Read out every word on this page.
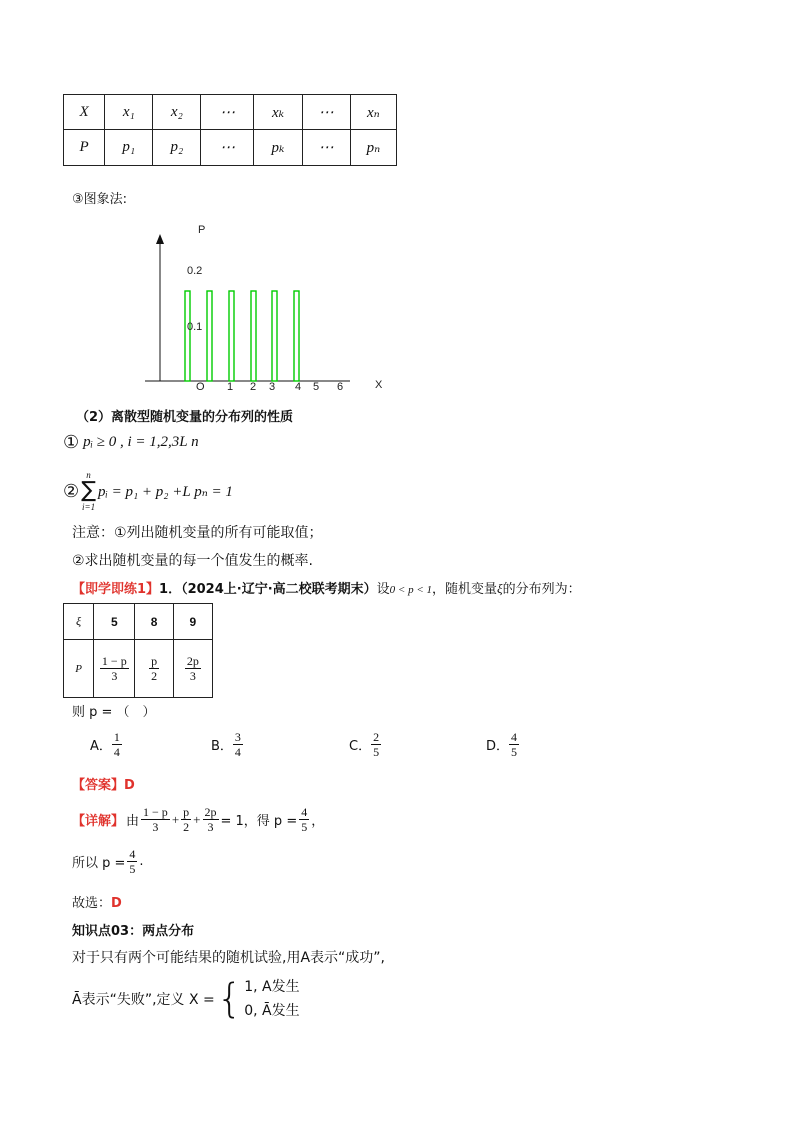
X	x₁	x₂	⋯	xₖ	⋯	xₙ
P	p₁	p₂	⋯	pₖ	⋯	pₙ
③图象法:
P
0.2
0.1
O 1 2 3 4 5 6	X
（2）离散型随机变量的分布列的性质
① pᵢ ≥ 0 , i = 1,2,3L n
②
n
∑
i=1
pᵢ = p₁ + p₂ +L pₙ = 1
注意：①列出随机变量的所有可能取值；
②求出随机变量的每一个值发生的概率.
【即学即练1】1．（2024上·辽宁·高二校联考期末）设0 < p < 1，随机变量ξ的分布列为：
ξ	5	8	9
P	$\frac{1 - p}{3}$	$\frac{p}{2}$	$\frac{2p}{3}$
则 p = （　）
A． $\frac{1}{4}$	B． $\frac{3}{4}$	C． $\frac{2}{5}$	D． $\frac{4}{5}$
【答案】D
【详解】 由 $\frac{1 - p}{3} + \frac{p}{2} + \frac{2p}{3} = 1$，得 $p = \frac{4}{5}$ ，
所以 $p = \frac{4}{5}$ .
故选：D
知识点03：两点分布
对于只有两个可能结果的随机试验,用A表示“成功”,
Ā表示“失败”,定义 X = { 1, A发生
0, Ā发生
